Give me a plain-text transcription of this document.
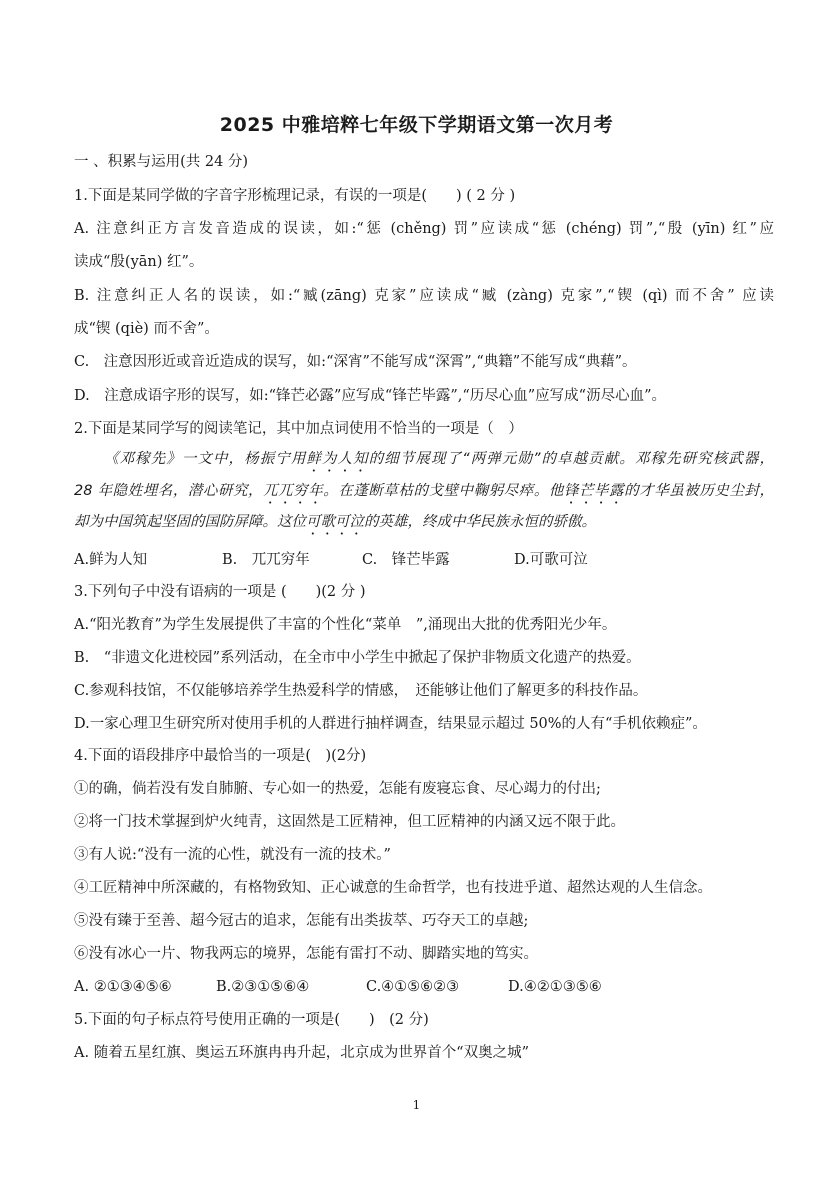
2025 中雅培粹七年级下学期语文第一次月考
一 、积累与运用(共 24 分)
1.下面是某同学做的字音字形梳理记录，有误的一项是(　　) ( 2 分 )
A. 注意纠正方言发音造成的误读，如:“惩 (chěng) 罚”应读成“惩 (chéng) 罚”,“殷 (yīn) 红”应
读成“殷(yān) 红”。
B. 注意纠正人名的误读，如:“臧(zāng) 克家”应读成“臧 (zàng) 克家”,“锲 (qì) 而不舍” 应读
成“锲 (qiè) 而不舍”。
C.　注意因形近或音近造成的误写，如:“深宵”不能写成“深霄”,“典籍”不能写成“典藉”。
D.　注意成语字形的误写，如:“锋芒必露”应写成“锋芒毕露”,“历尽心血”应写成“沥尽心血”。
2.下面是某同学写的阅读笔记，其中加点词使用不恰当的一项是（　）
《邓稼先》一文中，杨振宁用鲜为人知的细节展现了“两弹元勋”的卓越贡献。邓稼先研究核武器，
28 年隐姓埋名，潜心研究，兀兀穷年。在蓬断草枯的戈壁中鞠躬尽瘁。他锋芒毕露的才华虽被历史尘封，
却为中国筑起坚固的国防屏障。这位可歌可泣的英雄，终成中华民族永恒的骄傲。
A.鲜为人知	B.　兀兀穷年	C.　锋芒毕露	D.可歌可泣
3.下列句子中没有语病的一项是 (　　)(2 分 )
A.“阳光教育”为学生发展提供了丰富的个性化“菜单　”,涌现出大批的优秀阳光少年。
B.　“非遗文化进校园”系列活动，在全市中小学生中掀起了保护非物质文化遗产的热爱。
C.参观科技馆，不仅能够培养学生热爱科学的情感，　还能够让他们了解更多的科技作品。
D.一家心理卫生研究所对使用手机的人群进行抽样调查，结果显示超过 50%的人有“手机依赖症”。
4.下面的语段排序中最恰当的一项是(　)(2分)
①的确，倘若没有发自肺腑、专心如一的热爱，怎能有废寝忘食、尽心竭力的付出;
②将一门技术掌握到炉火纯青，这固然是工匠精神，但工匠精神的内涵又远不限于此。
③有人说:“没有一流的心性，就没有一流的技术。”
④工匠精神中所深藏的，有格物致知、正心诚意的生命哲学，也有技进乎道、超然达观的人生信念。
⑤没有臻于至善、超今冠古的追求，怎能有出类拔萃、巧夺天工的卓越;
⑥没有冰心一片、物我两忘的境界，怎能有雷打不动、脚踏实地的笃实。
A. ②①③④⑤⑥	B.②③①⑤⑥④	C.④①⑤⑥②③	D.④②①③⑤⑥
5.下面的句子标点符号使用正确的一项是(　　)　(2 分)
A. 随着五星红旗、奥运五环旗冉冉升起，北京成为世界首个“双奥之城”
1
